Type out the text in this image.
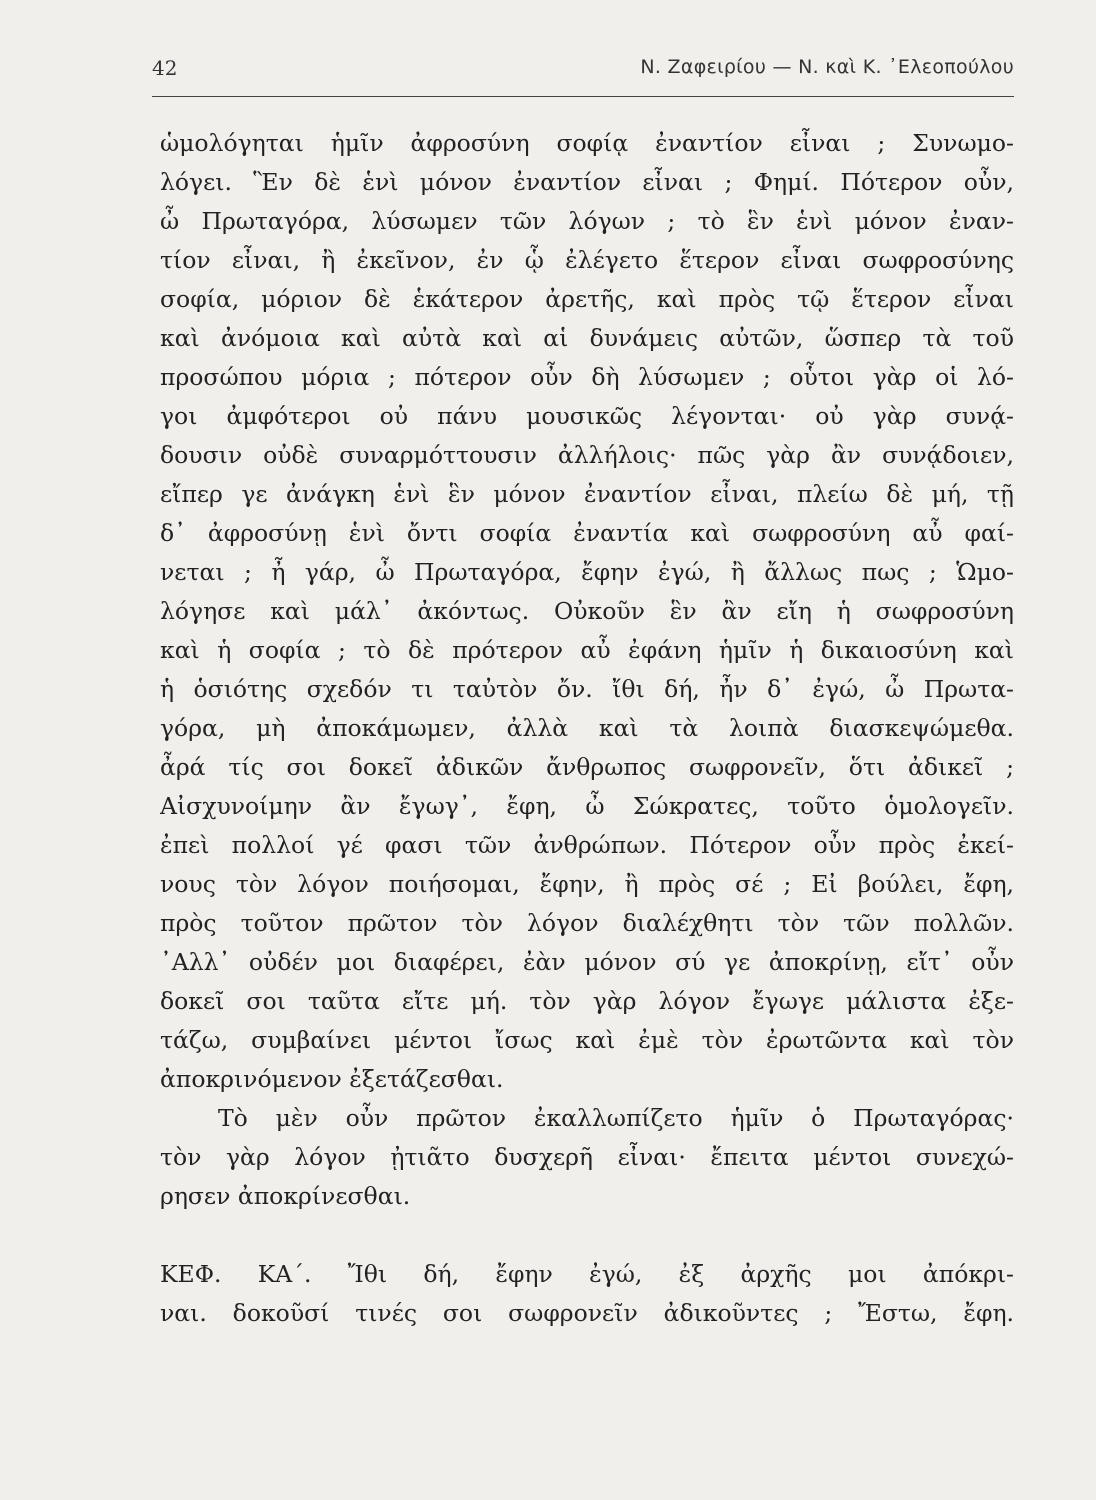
42	Ν. Ζαφειρίου — Ν. καὶ Κ. ᾿Ελεοπούλου
ὡμολόγηται ἡμῖν ἀφροσύνη σοφίᾳ ἐναντίον εἶναι ; Συνωμο-
λόγει. Ἓν δὲ ἑνὶ μόνον ἐναντίον εἶναι ; Φημί. Πότερον οὖν,
ὦ Πρωταγόρα, λύσωμεν τῶν λόγων ; τὸ ἓν ἑνὶ μόνον ἐναν-
τίον εἶναι, ἢ ἐκεῖνον, ἐν ᾧ ἐλέγετο ἕτερον εἶναι σωφροσύνης
σοφία, μόριον δὲ ἑκάτερον ἀρετῆς, καὶ πρὸς τῷ ἕτερον εἶναι
καὶ ἀνόμοια καὶ αὐτὰ καὶ αἱ δυνάμεις αὐτῶν, ὥσπερ τὰ τοῦ
προσώπου μόρια ; πότερον οὖν δὴ λύσωμεν ; οὗτοι γὰρ οἱ λό-
γοι ἀμφότεροι οὐ πάνυ μουσικῶς λέγονται· οὐ γὰρ συνᾴ-
δουσιν οὐδὲ συναρμόττουσιν ἀλλήλοις· πῶς γὰρ ἂν συνᾴδοιεν,
εἴπερ γε ἀνάγκη ἑνὶ ἓν μόνον ἐναντίον εἶναι, πλείω δὲ μή, τῇ
δ᾿ ἀφροσύνῃ ἑνὶ ὄντι σοφία ἐναντία καὶ σωφροσύνη αὖ φαί-
νεται ; ἦ γάρ, ὦ Πρωταγόρα, ἔφην ἐγώ, ἢ ἄλλως πως ; Ὡμο-
λόγησε καὶ μάλ᾿ ἀκόντως. Οὐκοῦν ἓν ἂν εἴη ἡ σωφροσύνη
καὶ ἡ σοφία ; τὸ δὲ πρότερον αὖ ἐφάνη ἡμῖν ἡ δικαιοσύνη καὶ
ἡ ὁσιότης σχεδόν τι ταὐτὸν ὄν. ἴθι δή, ἦν δ᾿ ἐγώ, ὦ Πρωτα-
γόρα, μὴ ἀποκάμωμεν, ἀλλὰ καὶ τὰ λοιπὰ διασκεψώμεθα.
ἆρά τίς σοι δοκεῖ ἀδικῶν ἄνθρωπος σωφρονεῖν, ὅτι ἀδικεῖ ;
Αἰσχυνοίμην ἂν ἔγωγ᾿, ἔφη, ὦ Σώκρατες, τοῦτο ὁμολογεῖν.
ἐπεὶ πολλοί γέ φασι τῶν ἀνθρώπων. Πότερον οὖν πρὸς ἐκεί-
νους τὸν λόγον ποιήσομαι, ἔφην, ἢ πρὸς σέ ; Εἰ βούλει, ἔφη,
πρὸς τοῦτον πρῶτον τὸν λόγον διαλέχθητι τὸν τῶν πολλῶν.
᾿Αλλ᾿ οὐδέν μοι διαφέρει, ἐὰν μόνον σύ γε ἀποκρίνῃ, εἴτ᾿ οὖν
δοκεῖ σοι ταῦτα εἴτε μή. τὸν γὰρ λόγον ἔγωγε μάλιστα ἐξε-
τάζω, συμβαίνει μέντοι ἴσως καὶ ἐμὲ τὸν ἐρωτῶντα καὶ τὸν
ἀποκρινόμενον ἐξετάζεσθαι.
Τὸ μὲν οὖν πρῶτον ἐκαλλωπίζετο ἡμῖν ὁ Πρωταγόρας·
τὸν γὰρ λόγον ᾐτιᾶτο δυσχερῆ εἶναι· ἔπειτα μέντοι συνεχώ-
ρησεν ἀποκρίνεσθαι.
ΚΕΦ. ΚΑ΄. Ἴθι δή, ἔφην ἐγώ, ἐξ ἀρχῆς μοι ἀπόκρι-
ναι. δοκοῦσί τινές σοι σωφρονεῖν ἀδικοῦντες ; Ἔστω, ἔφη.
